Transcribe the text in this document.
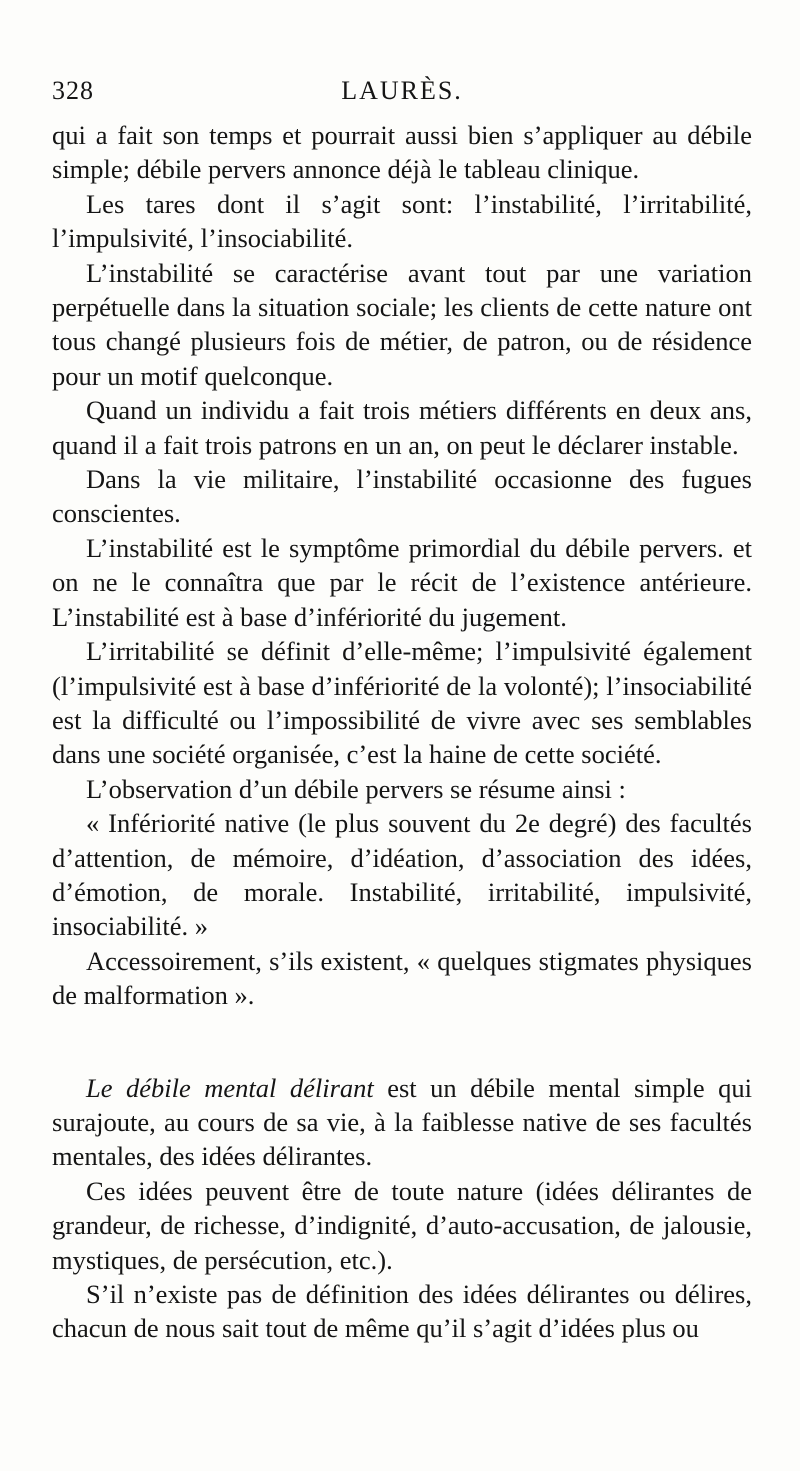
328	LAURÈS.

qui a fait son temps et pourrait aussi bien s’appliquer au débile simple; débile pervers annonce déjà le tableau clinique.

Les tares dont il s’agit sont: l’instabilité, l’irritabilité, l’impulsivité, l’insociabilité.

L’instabilité se caractérise avant tout par une variation perpétuelle dans la situation sociale; les clients de cette nature ont tous changé plusieurs fois de métier, de patron, ou de résidence pour un motif quelconque.

Quand un individu a fait trois métiers différents en deux ans, quand il a fait trois patrons en un an, on peut le déclarer instable.

Dans la vie militaire, l’instabilité occasionne des fugues conscientes.

L’instabilité est le symptôme primordial du débile pervers. et on ne le connaîtra que par le récit de l’existence antérieure. L’instabilité est à base d’infériorité du jugement.

L’irritabilité se définit d’elle-même; l’impulsivité également (l’impulsivité est à base d’infériorité de la volonté); l’insociabilité est la difficulté ou l’impossibilité de vivre avec ses semblables dans une société organisée, c’est la haine de cette société.

L’observation d’un débile pervers se résume ainsi :

« Infériorité native (le plus souvent du 2e degré) des facultés d’attention, de mémoire, d’idéation, d’association des idées, d’émotion, de morale. Instabilité, irritabilité, impulsivité, insociabilité. »

Accessoirement, s’ils existent, « quelques stigmates physiques de malformation ».

Le débile mental délirant est un débile mental simple qui surajoute, au cours de sa vie, à la faiblesse native de ses facultés mentales, des idées délirantes.

Ces idées peuvent être de toute nature (idées délirantes de grandeur, de richesse, d’indignité, d’auto-accusation, de jalousie, mystiques, de persécution, etc.).

S’il n’existe pas de définition des idées délirantes ou délires, chacun de nous sait tout de même qu’il s’agit d’idées plus ou
